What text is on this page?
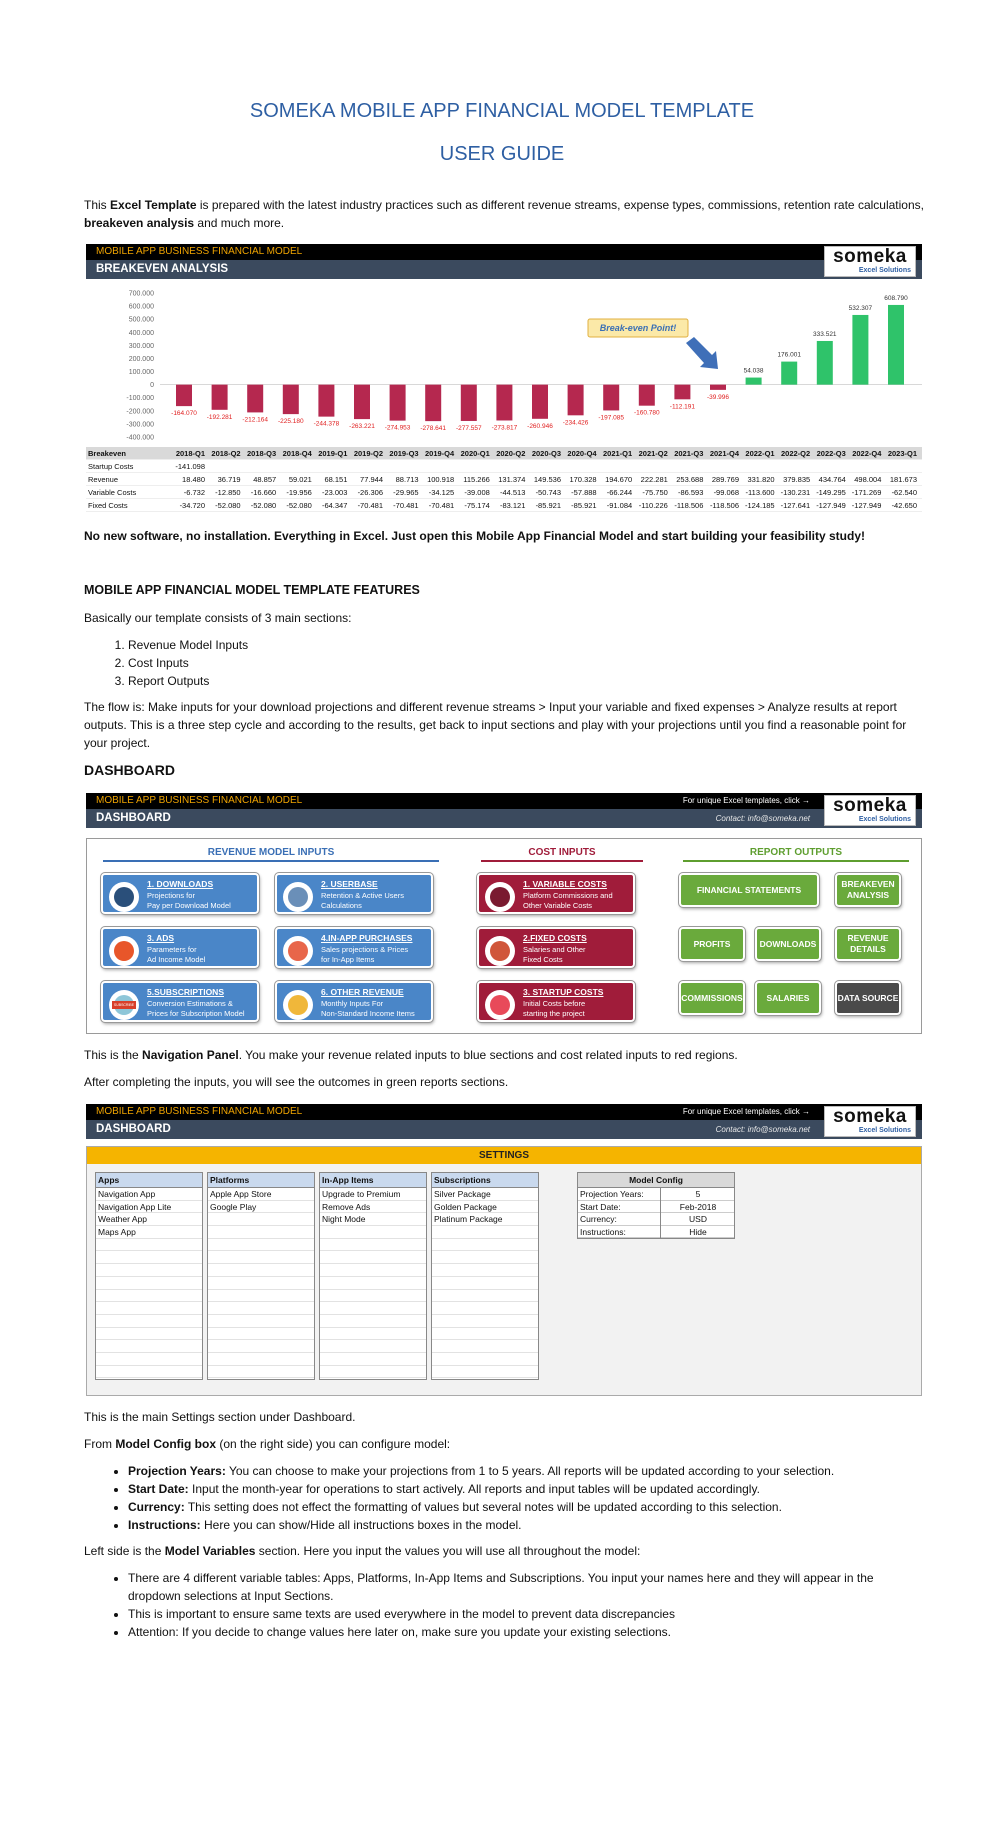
SOMEKA MOBILE APP FINANCIAL MODEL TEMPLATE
USER GUIDE
This Excel Template is prepared with the latest industry practices such as different revenue streams, expense types, commissions, retention rate calculations, breakeven analysis and much more.
MOBILE APP BUSINESS FINANCIAL MODEL
BREAKEVEN ANALYSIS
someka
Excel Solutions
700.000
600.000
500.000
400.000
300.000
200.000
100.000
0
-100.000
-200.000
-300.000
-400.000
-164.070
-192.281 -212.164 -225.180 -244.378 -263.221 -274.953 -278.641 -277.557 -273.817 -260.946 -234.426
-197.085
-160.780
-112.191
-39.996
54.038
176.001
333.521
532.307
608.790
Break-even Point!
Breakeven	2018-Q1 2018-Q2 2018-Q3 2018-Q4 2019-Q1 2019-Q2 2019-Q3 2019-Q4 2020-Q1 2020-Q2 2020-Q3 2020-Q4 2021-Q1 2021-Q2 2021-Q3 2021-Q4 2022-Q1 2022-Q2 2022-Q3 2022-Q4 2023-Q1
Startup Costs	-141.098
Revenue	18.480	36.719	48.857	59.021	68.151	77.944	88.713	100.918	115.266	131.374	149.536	170.328	194.670	222.281	253.688	289.769	331.820	379.835	434.764	498.004	181.673
Variable Costs	-6.732	-12.850	-16.660	-19.956	-23.003	-26.306	-29.965	-34.125	-39.008	-44.513	-50.743	-57.888	-66.244	-75.750	-86.593	-99.068 -113.600 -130.231 -149.295 -171.269	-62.540
Fixed Costs	-34.720	-52.080	-52.080	-52.080	-64.347	-70.481	-70.481	-70.481	-75.174	-83.121	-85.921	-85.921	-91.084 -110.226 -118.506 -118.506 -124.185 -127.641 -127.949 -127.949	-42.650
No new software, no installation. Everything in Excel. Just open this Mobile App Financial Model and start building your feasibility study!
MOBILE APP FINANCIAL MODEL TEMPLATE FEATURES
Basically our template consists of 3 main sections:
1. Revenue Model Inputs
2. Cost Inputs
3. Report Outputs
The flow is: Make inputs for your download projections and different revenue streams > Input your variable and fixed expenses > Analyze results at report outputs. This is a three step cycle and according to the results, get back to input sections and play with your projections until you find a reasonable point for your project.
DASHBOARD
MOBILE APP BUSINESS FINANCIAL MODEL	For unique Excel templates, click →
DASHBOARD	Contact: info@someka.net
someka
Excel Solutions
REVENUE MODEL INPUTS	COST INPUTS	REPORT OUTPUTS
1. DOWNLOADS
Projections for
Pay per Download Model
2. USERBASE
Retention & Active Users
Calculations
3. ADS
Parameters for
Ad Income Model
4.IN-APP PURCHASES
Sales projections & Prices
for In-App Items
SUBSCRIBE
5.SUBSCRIPTIONS
Conversion Estimations &
Prices for Subscription Model
6. OTHER REVENUE
Monthly Inputs For
Non-Standard Income Items
1. VARIABLE COSTS
Platform Commissions and
Other Variable Costs
2.FIXED COSTS
Salaries and Other
Fixed Costs
3. STARTUP COSTS
Initial Costs before
starting the project
FINANCIAL STATEMENTS
BREAKEVEN ANALYSIS
PROFITS	DOWNLOADS
REVENUE DETAILS
COMMISSIONS	SALARIES	DATA SOURCE
This is the Navigation Panel. You make your revenue related inputs to blue sections and cost related inputs to red regions.
After completing the inputs, you will see the outcomes in green reports sections.
MOBILE APP BUSINESS FINANCIAL MODEL	For unique Excel templates, click →
DASHBOARD	Contact: info@someka.net
someka
Excel Solutions
SETTINGS
Apps
Navigation App
Navigation App Lite
Weather App
Maps App
Platforms
Apple App Store
Google Play
In-App Items
Upgrade to Premium
Remove Ads
Night Mode
Subscriptions
Silver Package
Golden Package
Platinum Package
Model Config
Projection Years:	5
Start Date:	Feb-2018
Currency:	USD
Instructions:	Hide
This is the main Settings section under Dashboard.
From Model Config box (on the right side) you can configure model:
• Projection Years: You can choose to make your projections from 1 to 5 years. All reports will be updated according to your selection.
• Start Date: Input the month-year for operations to start actively. All reports and input tables will be updated accordingly.
• Currency: This setting does not effect the formatting of values but several notes will be updated according to this selection.
• Instructions: Here you can show/Hide all instructions boxes in the model.
Left side is the Model Variables section. Here you input the values you will use all throughout the model:
• There are 4 different variable tables: Apps, Platforms, In-App Items and Subscriptions. You input your names here and they will appear in the dropdown selections at Input Sections.
• This is important to ensure same texts are used everywhere in the model to prevent data discrepancies
• Attention: If you decide to change values here later on, make sure you update your existing selections.
